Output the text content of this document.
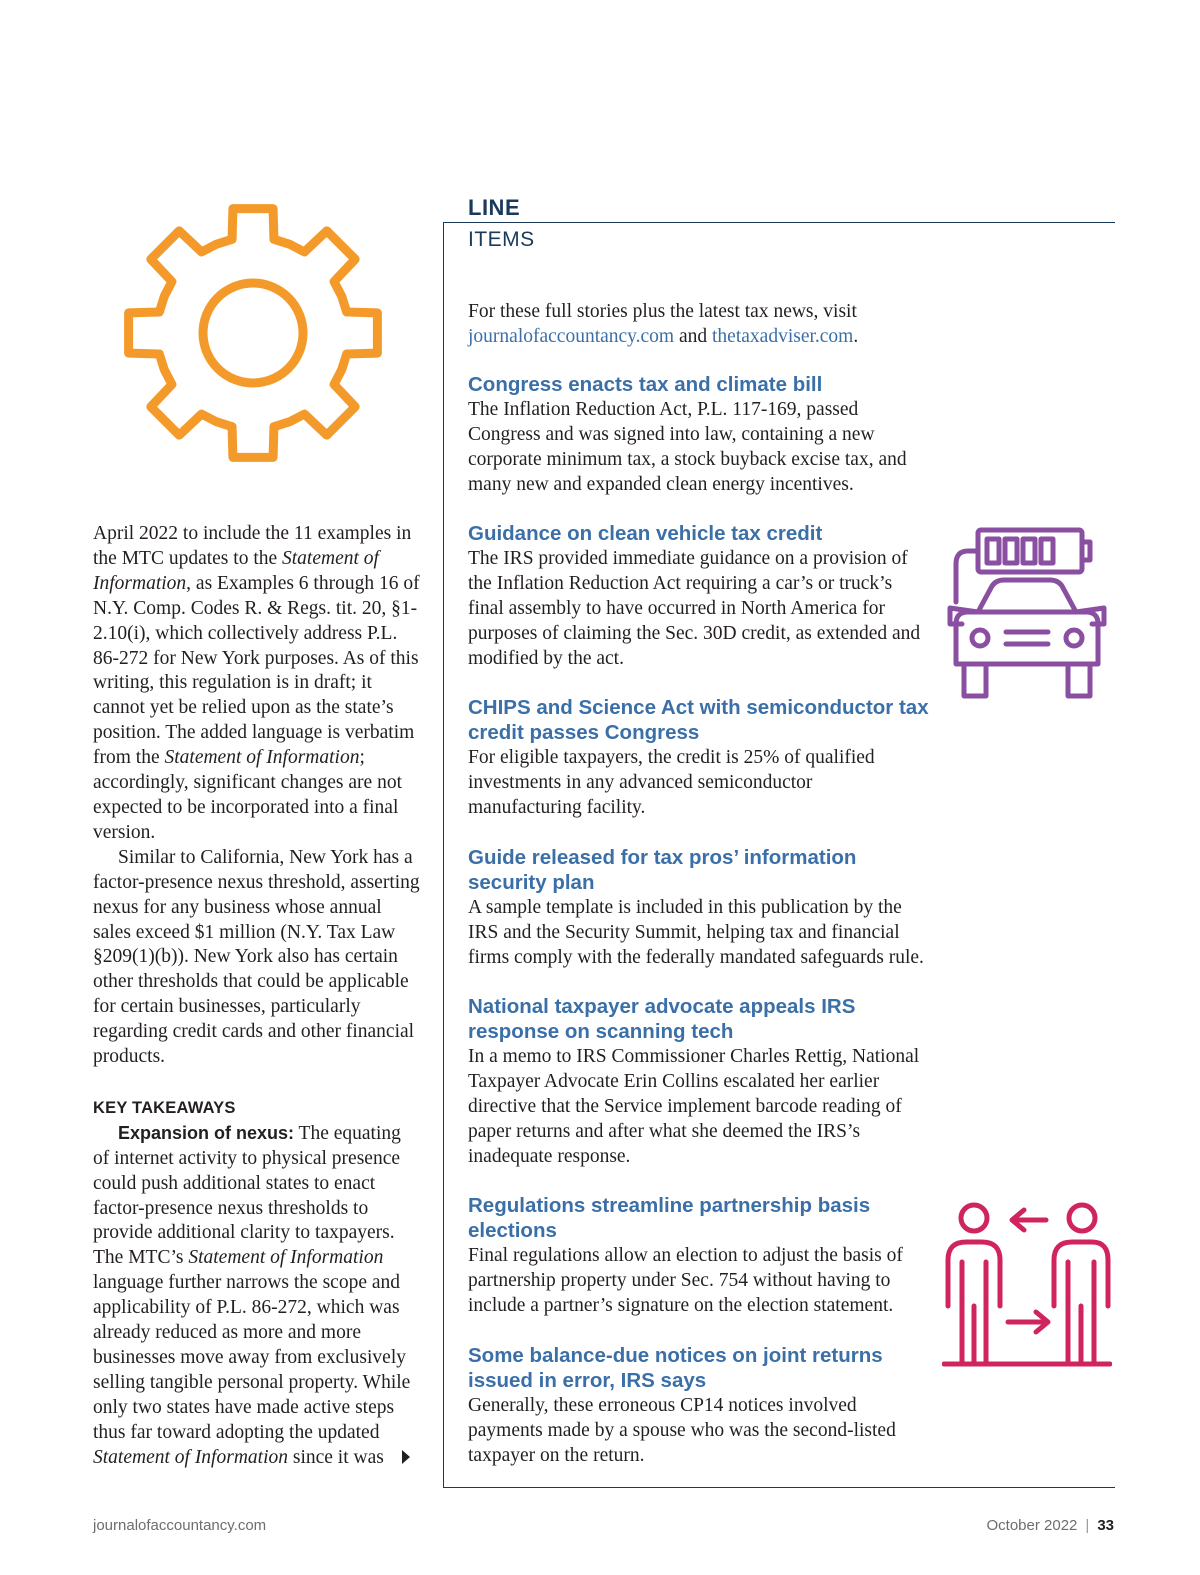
April 2022 to include the 11 examples in the MTC updates to the Statement of Information, as Examples 6 through 16 of N.Y. Comp. Codes R. & Regs. tit. 20, §1-2.10(i), which collectively address P.L. 86-272 for New York purposes. As of this writing, this regulation is in draft; it cannot yet be relied upon as the state’s position. The added language is verbatim from the Statement of Information; accordingly, significant changes are not expected to be incorporated into a final version.

Similar to California, New York has a factor-presence nexus threshold, asserting nexus for any business whose annual sales exceed $1 million (N.Y. Tax Law §209(1)(b)). New York also has certain other thresholds that could be applicable for certain businesses, particularly regarding credit cards and other financial products.

KEY TAKEAWAYS

Expansion of nexus: The equating of internet activity to physical presence could push additional states to enact factor-presence nexus thresholds to provide additional clarity to taxpayers. The MTC’s Statement of Information language further narrows the scope and applicability of P.L. 86-272, which was already reduced as more and more businesses move away from exclusively selling tangible personal property. While only two states have made active steps thus far toward adopting the updated Statement of Information since it was

LINE
ITEMS
For these full stories plus the latest tax news, visit journalofaccountancy.com and thetaxadviser.com.
Congress enacts tax and climate bill

The Inflation Reduction Act, P.L. 117-169, passed Congress and was signed into law, containing a new corporate minimum tax, a stock buyback excise tax, and many new and expanded clean energy incentives.

Guidance on clean vehicle tax credit

The IRS provided immediate guidance on a provision of the Inflation Reduction Act requiring a car’s or truck’s final assembly to have occurred in North America for purposes of claiming the Sec. 30D credit, as extended and modified by the act.

CHIPS and Science Act with semiconductor tax credit passes Congress

For eligible taxpayers, the credit is 25% of qualified investments in any advanced semiconductor manufacturing facility.

Guide released for tax pros’ information security plan

A sample template is included in this publication by the IRS and the Security Summit, helping tax and financial firms comply with the federally mandated safeguards rule.

National taxpayer advocate appeals IRS response on scanning tech

In a memo to IRS Commissioner Charles Rettig, National Taxpayer Advocate Erin Collins escalated her earlier directive that the Service implement barcode reading of paper returns and after what she deemed the IRS’s inadequate response.

Regulations streamline partnership basis elections

Final regulations allow an election to adjust the basis of partnership property under Sec. 754 without having to include a partner’s signature on the election statement.

Some balance-due notices on joint returns issued in error, IRS says

Generally, these erroneous CP14 notices involved payments made by a spouse who was the second-listed taxpayer on the return.

journalofaccountancy.com	October 2022 | 33
